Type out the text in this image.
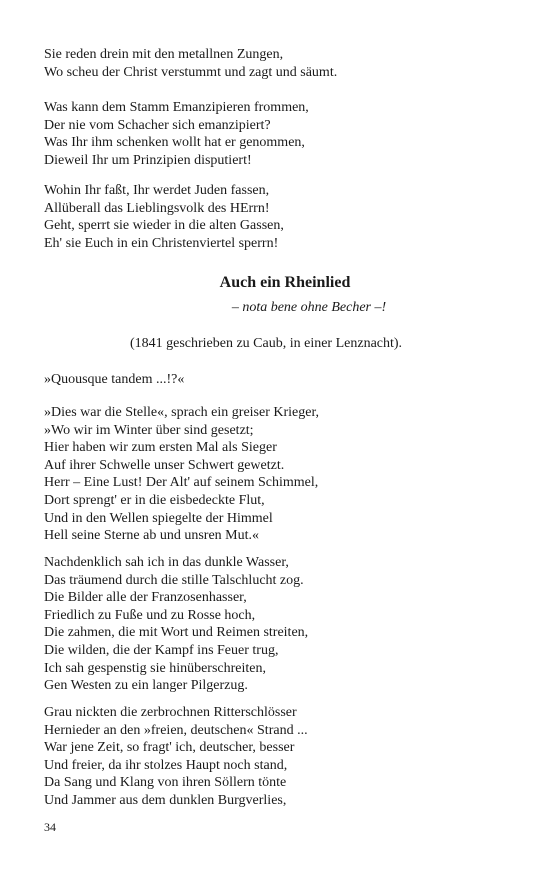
Sie reden drein mit den metallnen Zungen,
Wo scheu der Christ verstummt und zagt und säumt.
Was kann dem Stamm Emanzipieren frommen,
Der nie vom Schacher sich emanzipiert?
Was Ihr ihm schenken wollt hat er genommen,
Dieweil Ihr um Prinzipien disputiert!
Wohin Ihr faßt, Ihr werdet Juden fassen,
Allüberall das Lieblingsvolk des HErrn!
Geht, sperrt sie wieder in die alten Gassen,
Eh' sie Euch in ein Christenviertel sperrn!
Auch ein Rheinlied
– nota bene ohne Becher –!
(1841 geschrieben zu Caub, in einer Lenznacht).
»Quousque tandem ...!?«
»Dies war die Stelle«, sprach ein greiser Krieger,
»Wo wir im Winter über sind gesetzt;
Hier haben wir zum ersten Mal als Sieger
Auf ihrer Schwelle unser Schwert gewetzt.
Herr – Eine Lust! Der Alt' auf seinem Schimmel,
Dort sprengt' er in die eisbedeckte Flut,
Und in den Wellen spiegelte der Himmel
Hell seine Sterne ab und unsren Mut.«
Nachdenklich sah ich in das dunkle Wasser,
Das träumend durch die stille Talschlucht zog.
Die Bilder alle der Franzosenhasser,
Friedlich zu Fuße und zu Rosse hoch,
Die zahmen, die mit Wort und Reimen streiten,
Die wilden, die der Kampf ins Feuer trug,
Ich sah gespenstig sie hinüberschreiten,
Gen Westen zu ein langer Pilgerzug.
Grau nickten die zerbrochnen Ritterschlösser
Hernieder an den »freien, deutschen« Strand ...
War jene Zeit, so fragt' ich, deutscher, besser
Und freier, da ihr stolzes Haupt noch stand,
Da Sang und Klang von ihren Söllern tönte
Und Jammer aus dem dunklen Burgverlies,
34
